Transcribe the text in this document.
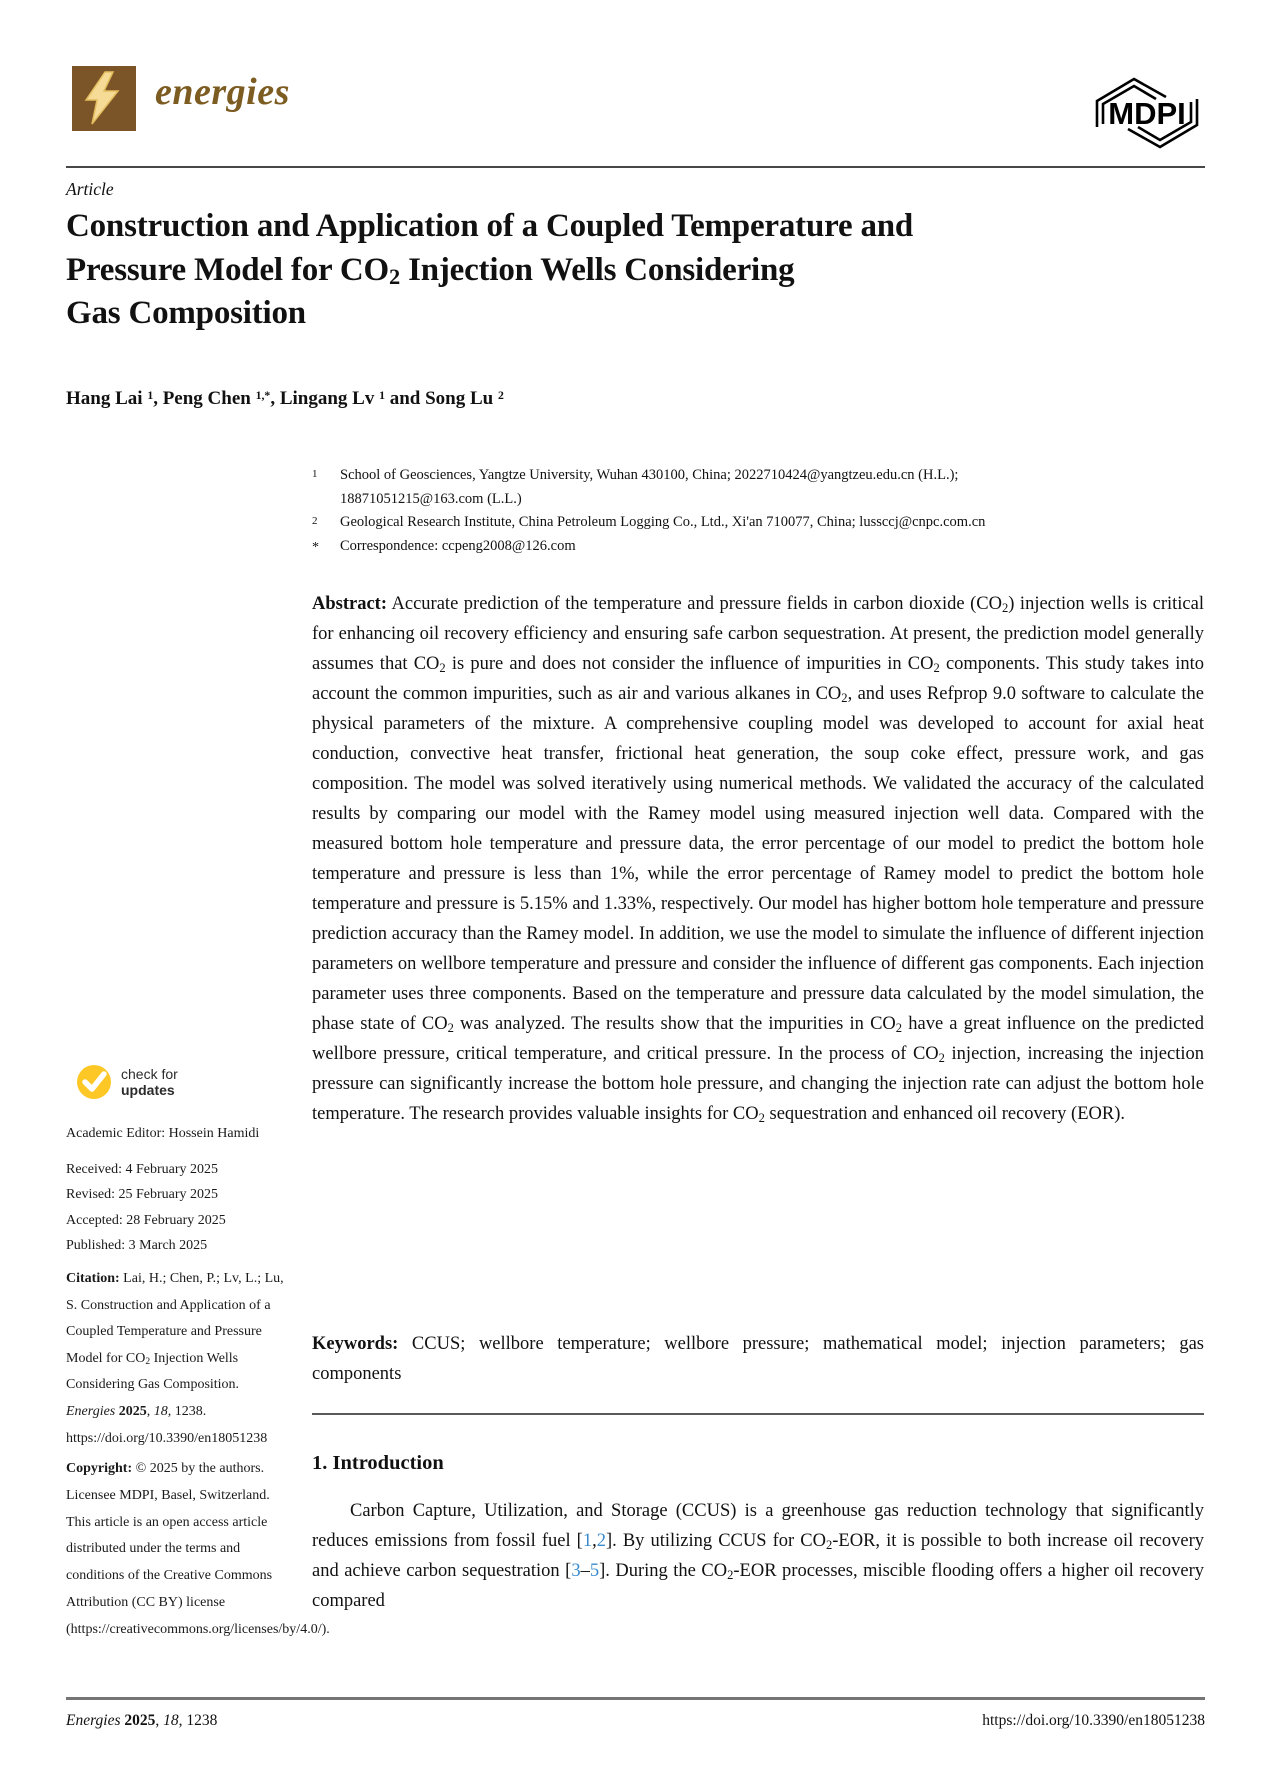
energies
MDPI
Article
Construction and Application of a Coupled Temperature and
Pressure Model for CO2 Injection Wells Considering
Gas Composition
Hang Lai $^1$, Peng Chen $^{1,*}$, Lingang Lv $^1$ and Song Lu $^2$
1	School of Geosciences, Yangtze University, Wuhan 430100, China; 2022710424@yangtzeu.edu.cn (H.L.); 18871051215@163.com (L.L.)
2	Geological Research Institute, China Petroleum Logging Co., Ltd., Xi'an 710077, China; lussccj@cnpc.com.cn
*	Correspondence: ccpeng2008@126.com
Abstract: Accurate prediction of the temperature and pressure fields in carbon dioxide (CO2) injection wells is critical for enhancing oil recovery efficiency and ensuring safe carbon sequestration. At present, the prediction model generally assumes that CO2 is pure and does not consider the influence of impurities in CO2 components. This study takes into account the common impurities, such as air and various alkanes in CO2, and uses Refprop 9.0 software to calculate the physical parameters of the mixture. A comprehensive coupling model was developed to account for axial heat conduction, convective heat transfer, frictional heat generation, the soup coke effect, pressure work, and gas composition. The model was solved iteratively using numerical methods. We validated the accuracy of the calculated results by comparing our model with the Ramey model using measured injection well data. Compared with the measured bottom hole temperature and pressure data, the error percentage of our model to predict the bottom hole temperature and pressure is less than 1%, while the error percentage of Ramey model to predict the bottom hole temperature and pressure is 5.15% and 1.33%, respectively. Our model has higher bottom hole temperature and pressure prediction accuracy than the Ramey model. In addition, we use the model to simulate the influence of different injection parameters on wellbore temperature and pressure and consider the influence of different gas components. Each injection parameter uses three components. Based on the temperature and pressure data calculated by the model simulation, the phase state of CO2 was analyzed. The results show that the impurities in CO2 have a great influence on the predicted wellbore pressure, critical temperature, and critical pressure. In the process of CO2 injection, increasing the injection pressure can significantly increase the bottom hole pressure, and changing the injection rate can adjust the bottom hole temperature. The research provides valuable insights for CO2 sequestration and enhanced oil recovery (EOR).
Keywords: CCUS; wellbore temperature; wellbore pressure; mathematical model; injection parameters; gas components
1. Introduction
Carbon Capture, Utilization, and Storage (CCUS) is a greenhouse gas reduction technology that significantly reduces emissions from fossil fuel [1,2]. By utilizing CCUS for CO2-EOR, it is possible to both increase oil recovery and achieve carbon sequestration [3–5]. During the CO2-EOR processes, miscible flooding offers a higher oil recovery compared
check for
updates
Academic Editor: Hossein Hamidi
Received: 4 February 2025
Revised: 25 February 2025
Accepted: 28 February 2025
Published: 3 March 2025
Citation: Lai, H.; Chen, P.; Lv, L.; Lu, S. Construction and Application of a Coupled Temperature and Pressure Model for CO2 Injection Wells Considering Gas Composition. Energies 2025, 18, 1238. https://doi.org/10.3390/en18051238
Copyright: © 2025 by the authors. Licensee MDPI, Basel, Switzerland. This article is an open access article distributed under the terms and conditions of the Creative Commons Attribution (CC BY) license (https://creativecommons.org/licenses/by/4.0/).
Energies 2025, 18, 1238	https://doi.org/10.3390/en18051238
